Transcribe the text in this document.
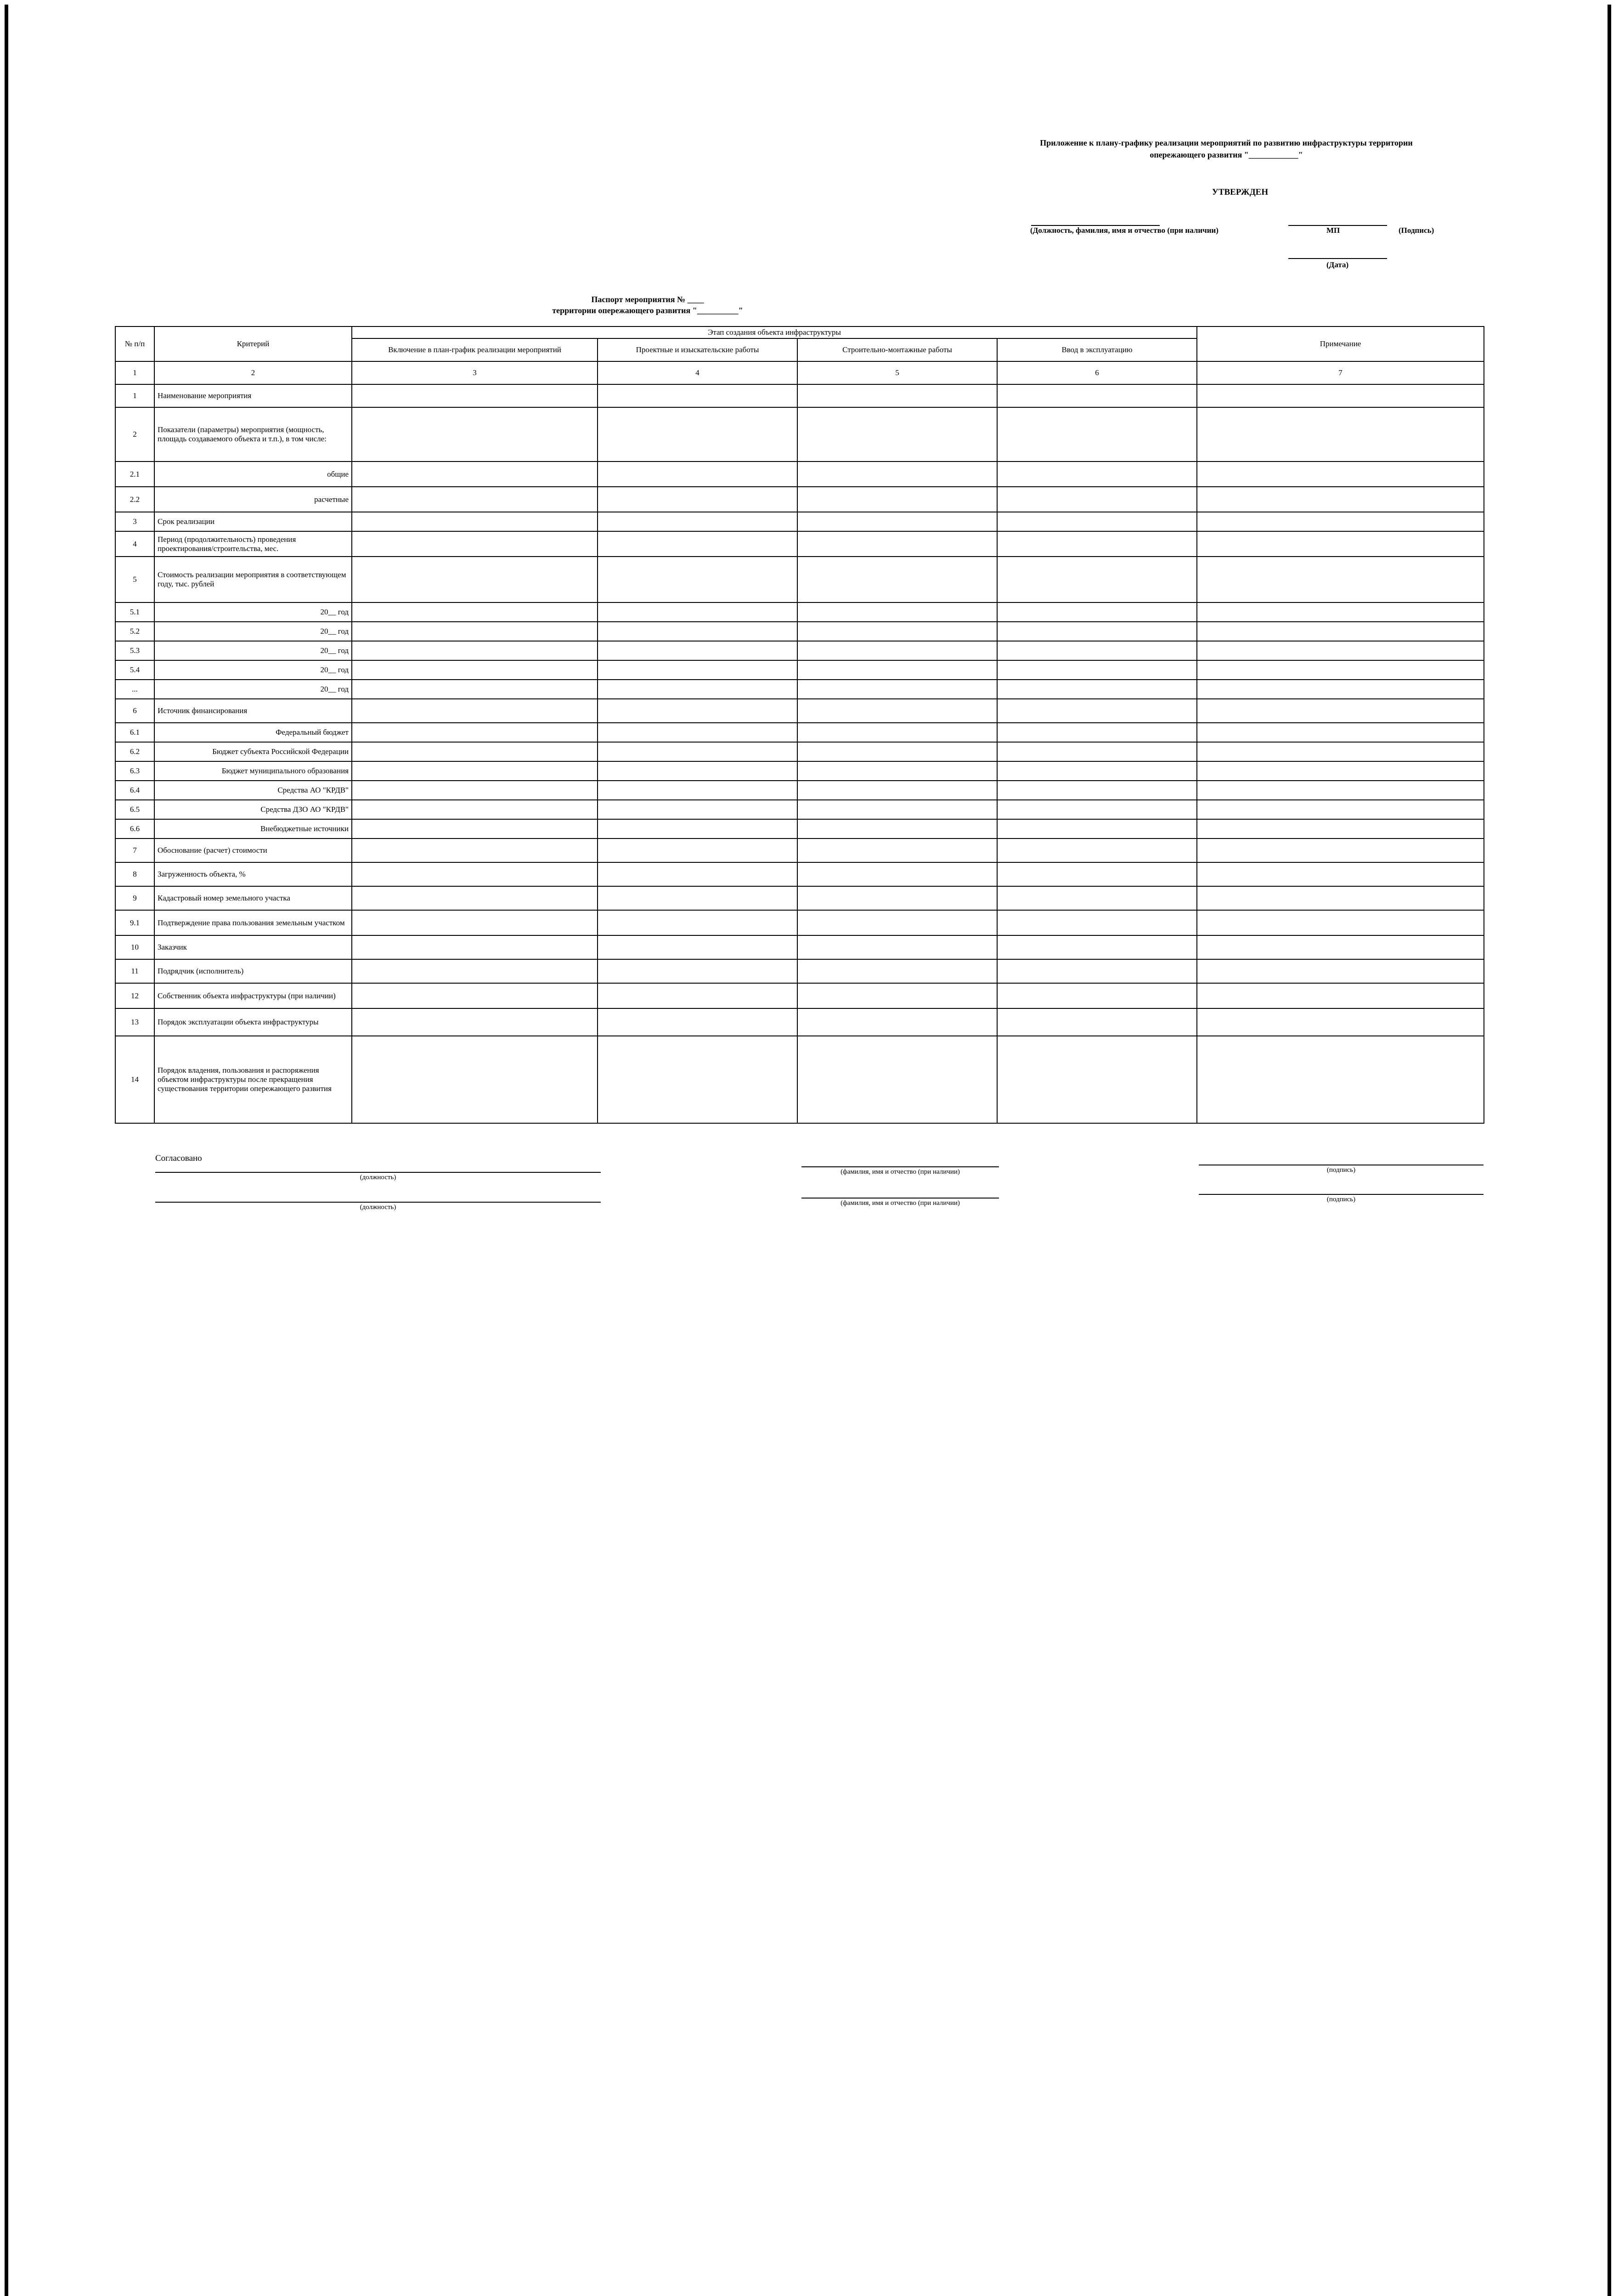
Приложение к плану-графику реализации мероприятий по развитию инфраструктуры территории
опережающего развития "____________"
УТВЕРЖДЕН
(Должность, фамилия, имя и отчество (при наличии)	МП	(Подпись)
(Дата)
Паспорт мероприятия № ____
территории опережающего развития "__________"
№ п/п	Критерий	Этап создания объекта инфраструктуры				Примечание
		Включение в план-график реализации мероприятий	Проектные и изыскательские работы	Строительно-монтажные работы	Ввод в эксплуатацию	
1	2	3	4	5	6	7
1	Наименование мероприятия					
2	Показатели (параметры) мероприятия (мощность, площадь создаваемого объекта и т.п.), в том числе:					
2.1	общие					
2.2	расчетные					
3	Срок реализации					
4	Период (продолжительность) проведения проектирования/строительства, мес.					
5	Стоимость реализации мероприятия в соответствующем году, тыс. рублей					
5.1	20__ год					
5.2	20__ год					
5.3	20__ год					
5.4	20__ год					
...	20__ год					
6	Источник финансирования					
6.1	Федеральный бюджет					
6.2	Бюджет субъекта Российской Федерации					
6.3	Бюджет муниципального образования					
6.4	Средства АО "КРДВ"					
6.5	Средства ДЗО АО "КРДВ"					
6.6	Внебюджетные источники					
7	Обоснование (расчет) стоимости					
8	Загруженность объекта, %					
9	Кадастровый номер земельного участка					
9.1	Подтверждение права пользования земельным участком					
10	Заказчик					
11	Подрядчик (исполнитель)					
12	Собственник объекта инфраструктуры (при наличии)					
13	Порядок эксплуатации объекта инфраструктуры					
14	Порядок владения, пользования и распоряжения объектом инфраструктуры после прекращения существования территории опережающего развития					
Согласовано
(должность)
(фамилия, имя и отчество (при наличии)	(подпись)
(должность)
(фамилия, имя и отчество (при наличии)	(подпись)
